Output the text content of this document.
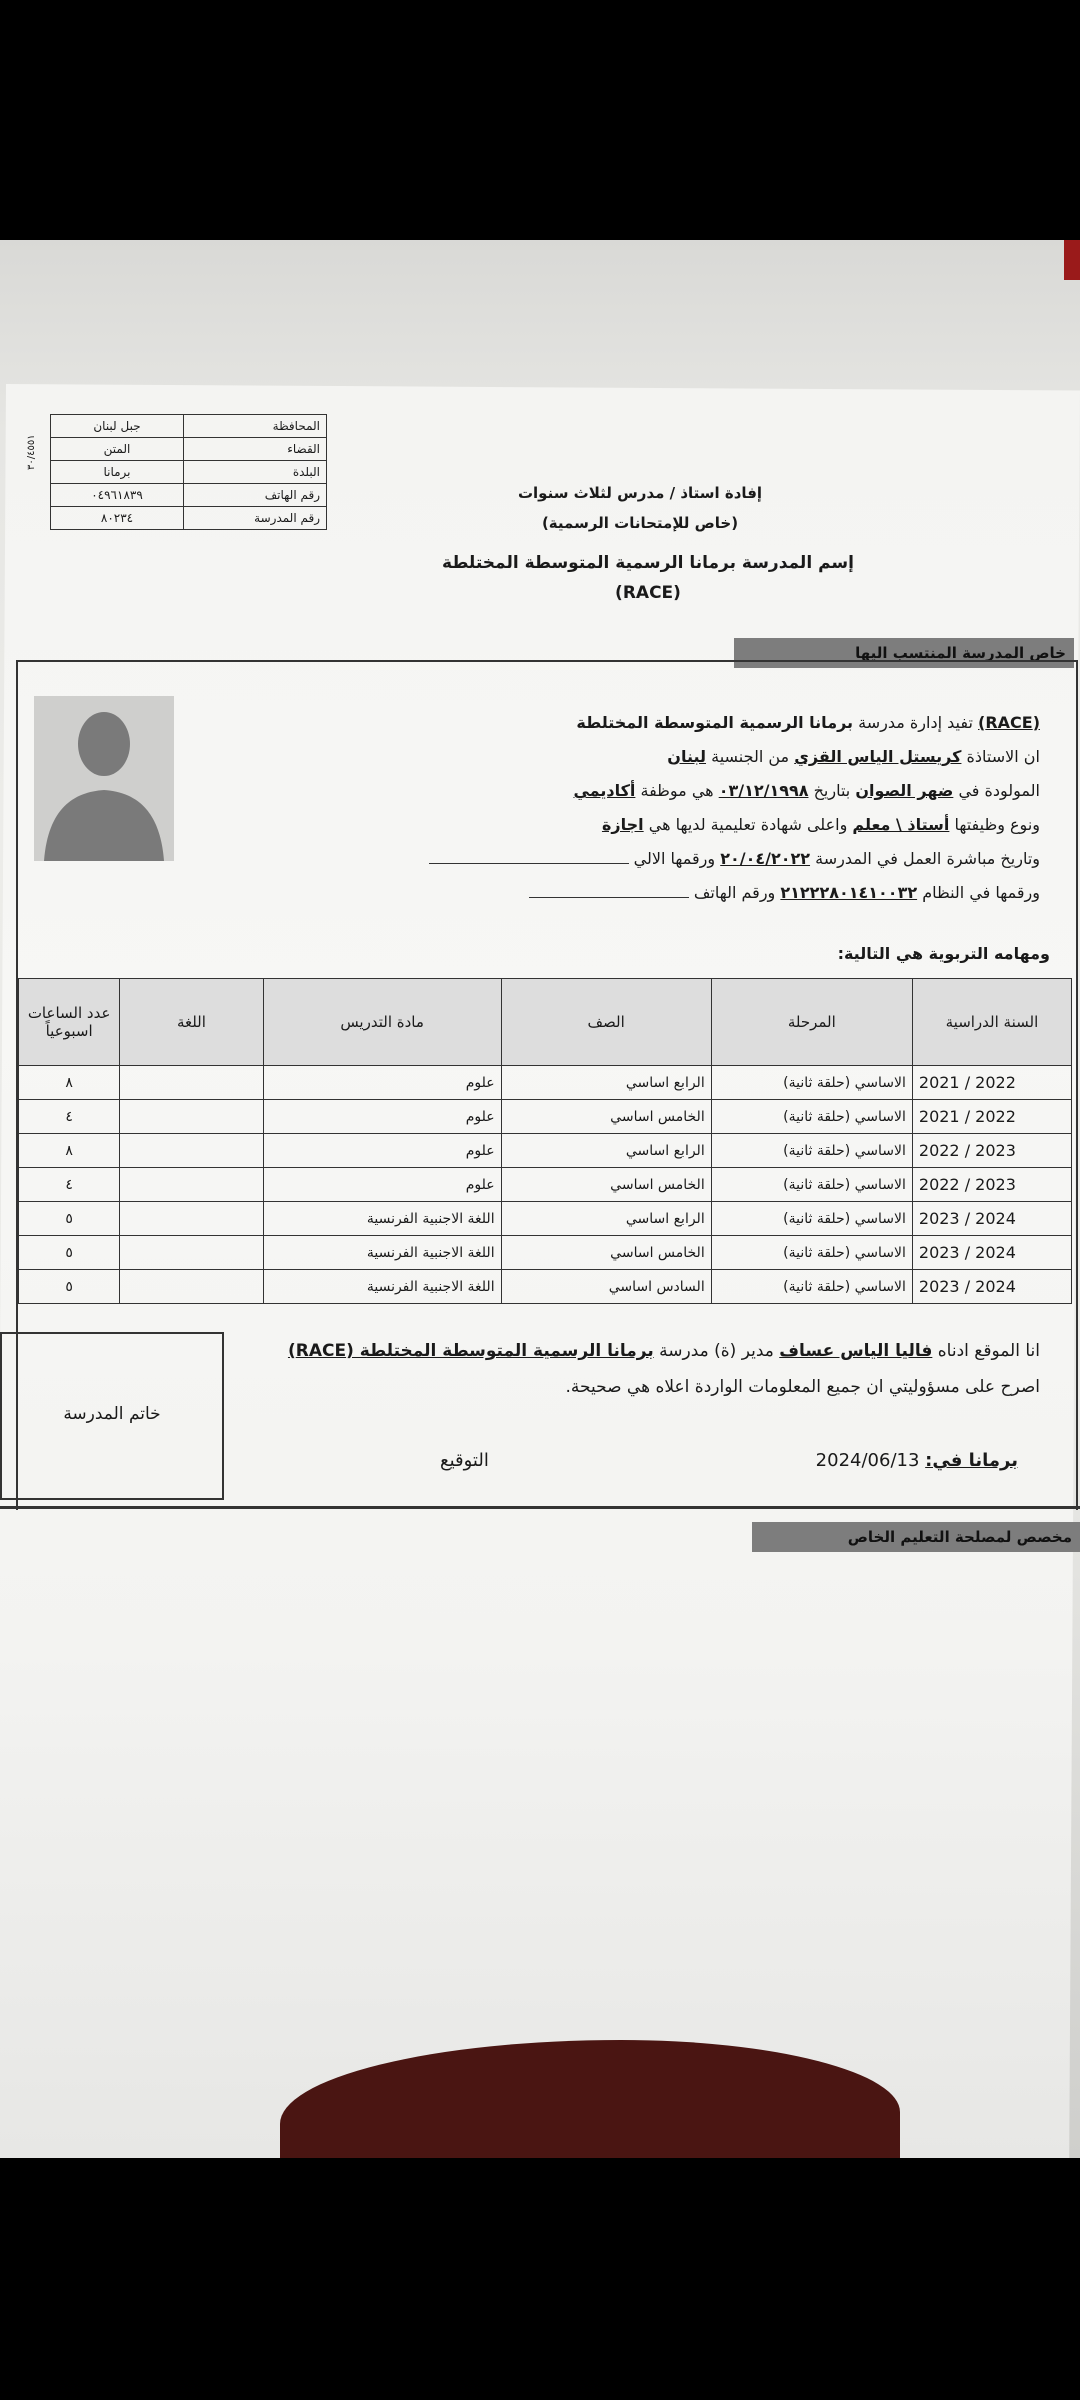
٣٠/٤٥٥١
جبل لبنان	المحافظة
المتن	القضاء
برمانا	البلدة
٠٤٩٦١٨٣٩	رقم الهاتف
٨٠٢٣٤	رقم المدرسة
إفادة استاذ / مدرس لثلاث سنوات
(خاص للإمتحانات الرسمية)
إسم المدرسة برمانا الرسمية المتوسطة المختلطة
(RACE)
خاص المدرسة المنتسب اليها
(RACE) تفيد إدارة مدرسة برمانا الرسمية المتوسطة المختلطة
ان الاستاذة كريستل الياس القزي من الجنسية لبنان
المولودة في ضهر الصوان بتاريخ ٠٣/١٢/١٩٩٨ هي موظفة أكاديمي
ونوع وظيفتها أستاذ \ معلم واعلى شهادة تعليمية لديها هي اجازة
وتاريخ مباشرة العمل في المدرسة ٢٠/٠٤/٢٠٢٢ ورقمها الالي
ورقمها في النظام ٢١٢٢٢٨٠١٤١٠٠٣٢ ورقم الهاتف
ومهامه التربوية هي التالية:
السنة الدراسية	المرحلة	الصف	مادة التدريس	اللغة	عدد الساعات اسبوعياً
2021 / 2022	الاساسي (حلقة ثانية)	الرابع اساسي	علوم		٨
2021 / 2022	الاساسي (حلقة ثانية)	الخامس اساسي	علوم		٤
2022 / 2023	الاساسي (حلقة ثانية)	الرابع اساسي	علوم		٨
2022 / 2023	الاساسي (حلقة ثانية)	الخامس اساسي	علوم		٤
2023 / 2024	الاساسي (حلقة ثانية)	الرابع اساسي	اللغة الاجنبية الفرنسية		٥
2023 / 2024	الاساسي (حلقة ثانية)	الخامس اساسي	اللغة الاجنبية الفرنسية		٥
2023 / 2024	الاساسي (حلقة ثانية)	السادس اساسي	اللغة الاجنبية الفرنسية		٥
انا الموقع ادناه فاليا الياس عساف مدير (ة) مدرسة برمانا الرسمية المتوسطة المختلطة (RACE)
اصرح على مسؤوليتي ان جميع المعلومات الواردة اعلاه هي صحيحة.
خاتم المدرسة
برمانا في: 2024/06/13
التوقيع
مخصص لمصلحة التعليم الخاص
